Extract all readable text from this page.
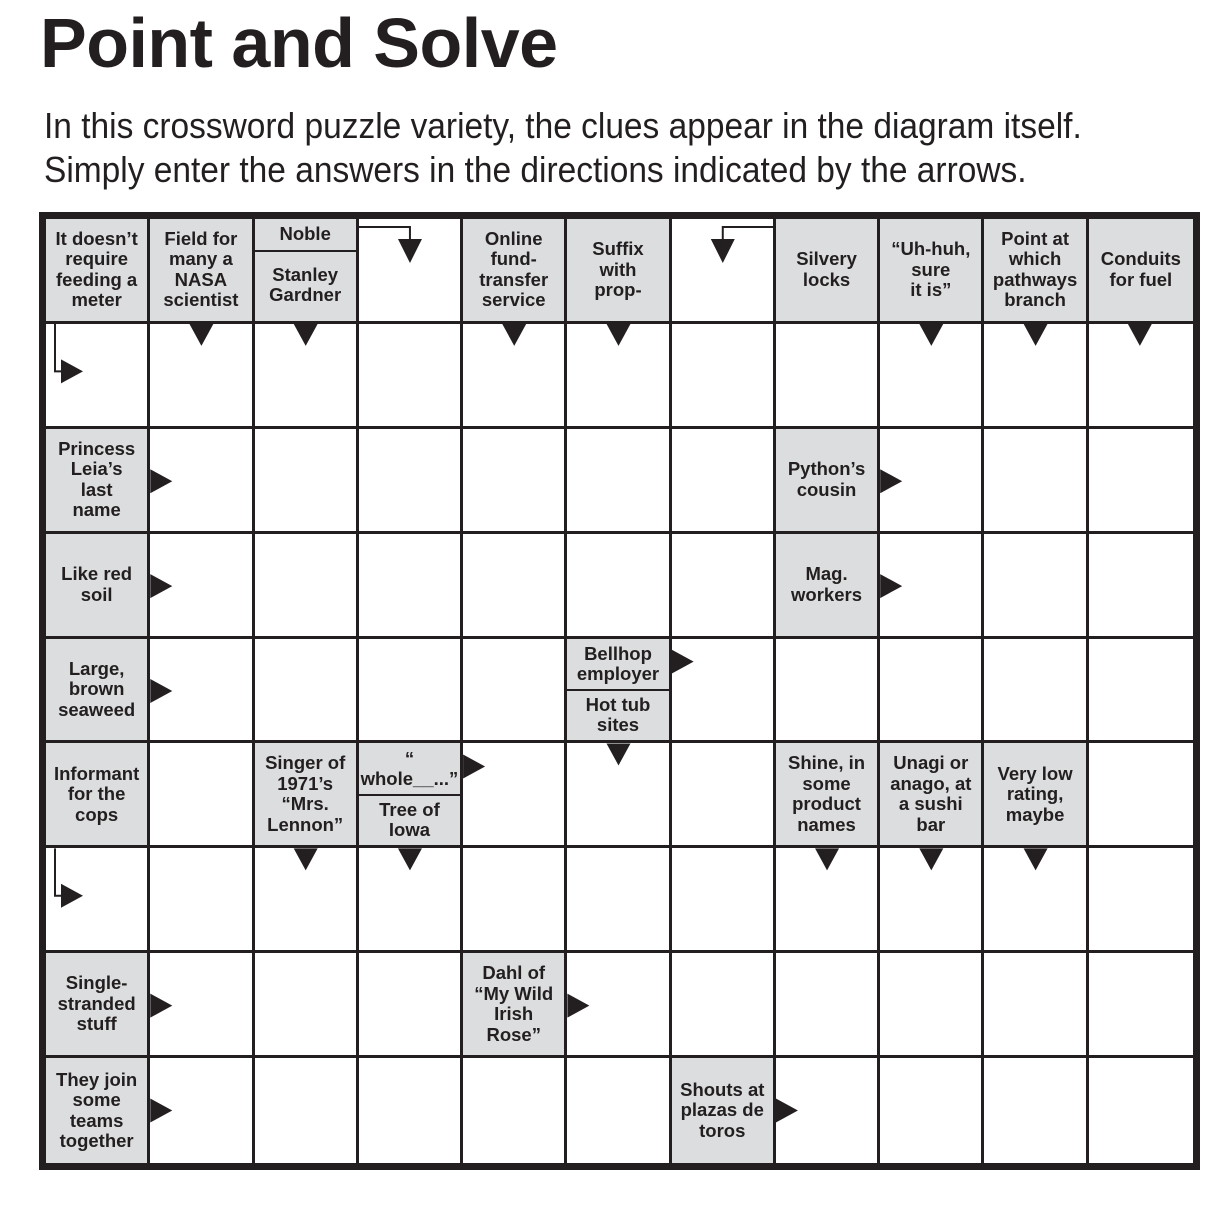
Point and Solve
In this crossword puzzle variety, the clues appear in the diagram itself.
Simply enter the answers in the directions indicated by the arrows.
It doesn’t
require
feeding a
meter
Field for
many a
NASA
scientist
Noble
Stanley
Gardner
Online
fund-
transfer
service
Suffix
with
prop-
Silvery
locks
“Uh-huh,
sure
it is”
Point at
which
pathways
branch
Conduits
for fuel
Princess
Leia’s
last
name
Python’s
cousin
Like red
soil
Mag.
workers
Large,
brown
seaweed
Bellhop
employer
Hot tub
sites
Informant
for the
cops
Singer of
1971’s
“Mrs.
Lennon”
“
whole__...”
Tree of
Iowa
Shine, in
some
product
names
Unagi or
anago, at
a sushi
bar
Very low
rating,
maybe
Single-
stranded
stuff
Dahl of
“My Wild
Irish
Rose”
They join
some
teams
together
Shouts at
plazas de
toros
